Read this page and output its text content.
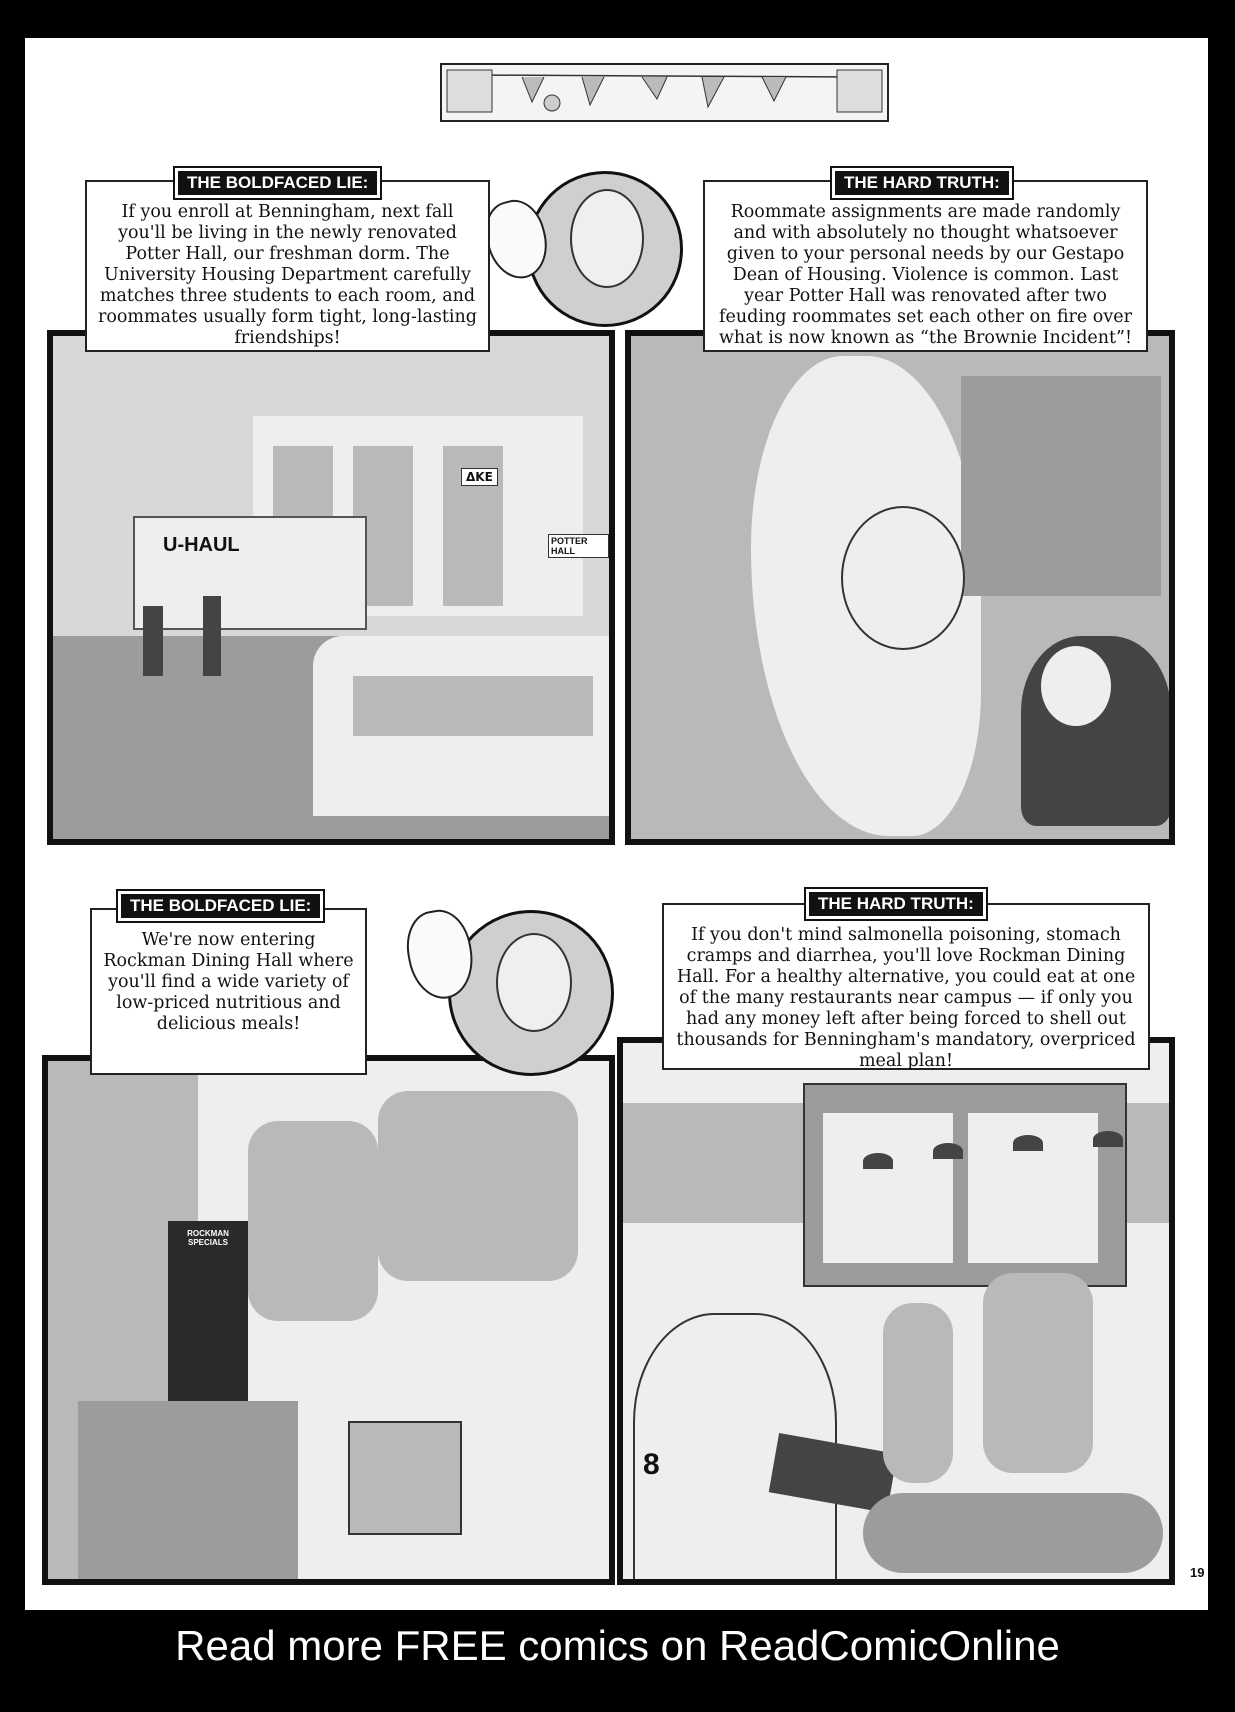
U-HAUL	POTTER HALL
ΔKE
ROCKMAN SPECIALS
8
If you enroll at Benningham, next fall you'll be living in the newly renovated Potter Hall, our freshman dorm. The University Housing Department carefully matches three students to each room, and roommates usually form tight, long-lasting friendships!
THE BOLDFACED LIE:
Roommate assignments are made randomly and with absolutely no thought whatsoever given to your personal needs by our Gestapo Dean of Housing. Violence is common. Last year Potter Hall was renovated after two feuding roommates set each other on fire over what is now known as “the Brownie Incident”!
THE HARD TRUTH:
We're now entering Rockman Dining Hall where you'll find a wide variety of low-priced nutritious and delicious meals!
THE BOLDFACED LIE:
If you don't mind salmonella poisoning, stomach cramps and diarrhea, you'll love Rockman Dining Hall. For a healthy alternative, you could eat at one of the many restaurants near campus — if only you had any money left after being forced to shell out thousands for Benningham's mandatory, overpriced meal plan!
THE HARD TRUTH:
19
Read more FREE comics on ReadComicOnline
